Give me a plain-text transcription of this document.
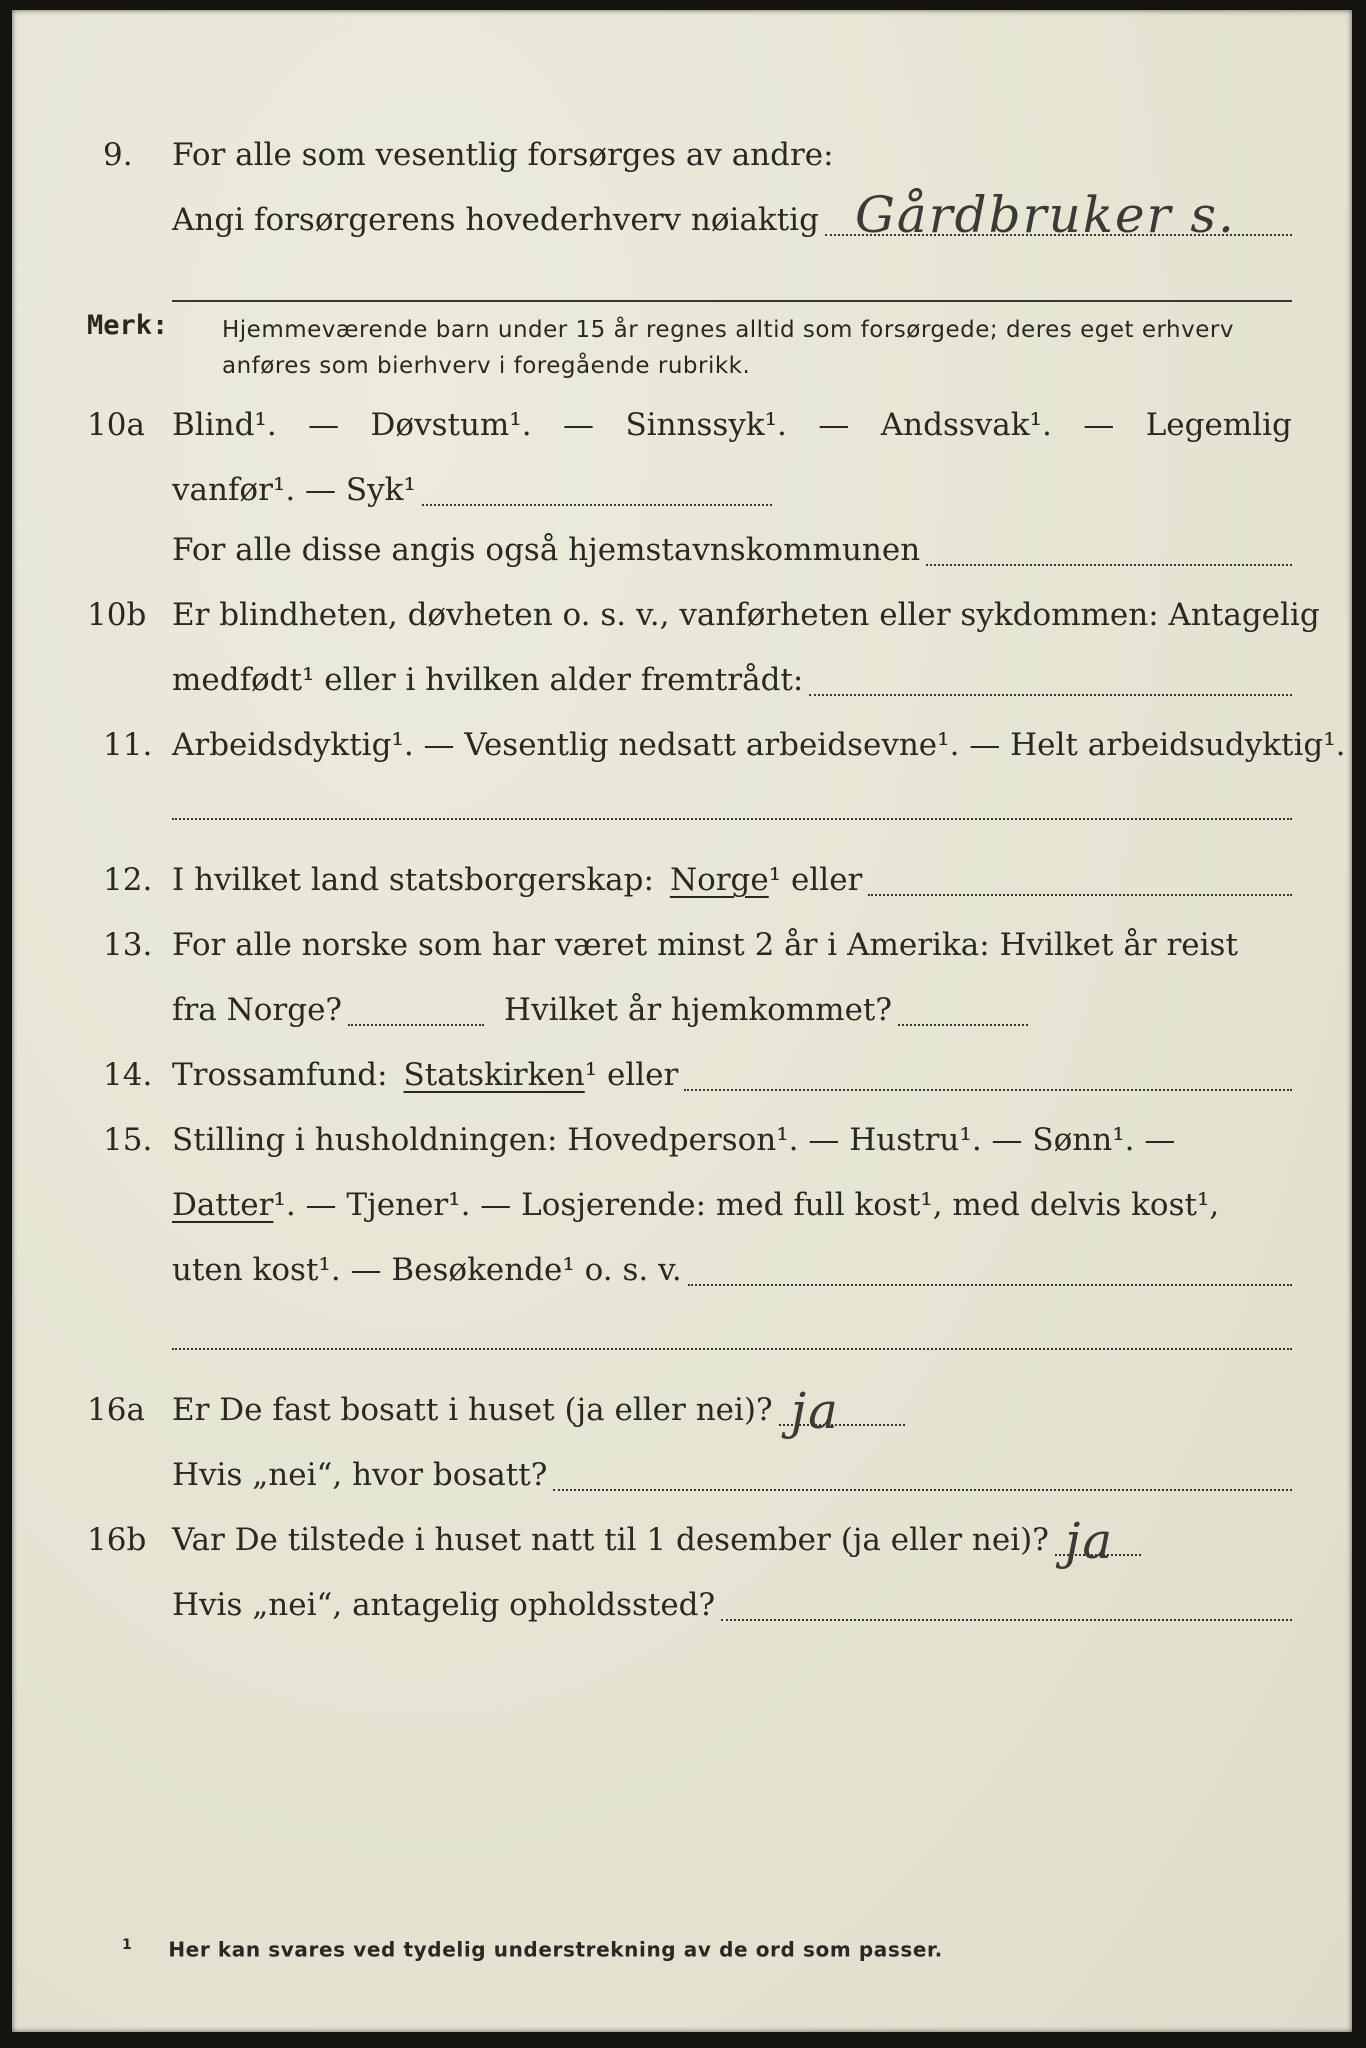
9. For alle som vesentlig forsørges av andre:
Angi forsørgerens hovederhverv nøiaktig Gårdbruker s.
Merk: Hjemmeværende barn under 15 år regnes alltid som forsørgede; deres eget erhverv
anføres som bierhverv i foregående rubrikk.
10a Blind¹. — Døvstum¹. — Sinnssyk¹. — Andssvak¹. — Legemlig
vanfør¹. — Syk¹
For alle disse angis også hjemstavnskommunen
10b Er blindheten, døvheten o. s. v., vanførheten eller sykdommen: Antagelig
medfødt¹ eller i hvilken alder fremtrådt:
11. Arbeidsdyktig¹. — Vesentlig nedsatt arbeidsevne¹. — Helt arbeidsudyktig¹.
12. I hvilket land statsborgerskap: Norge ¹ eller
13. For alle norske som har været minst 2 år i Amerika: Hvilket år reist
fra Norge?	Hvilket år hjemkommet?
14. Trossamfund: Statskirken ¹ eller
15. Stilling i husholdningen: Hovedperson¹. — Hustru¹. — Sønn¹. —
Datter ¹. — Tjener¹. — Losjerende: med full kost¹, med delvis kost¹,
uten kost¹. — Besøkende¹ o. s. v.
16a Er De fast bosatt i huset (ja eller nei)? ja
Hvis „nei“, hvor bosatt?
16b Var De tilstede i huset natt til 1 desember (ja eller nei)? ja
Hvis „nei“, antagelig opholdssted?
$^1$ Her kan svares ved tydelig understrekning av de ord som passer.
